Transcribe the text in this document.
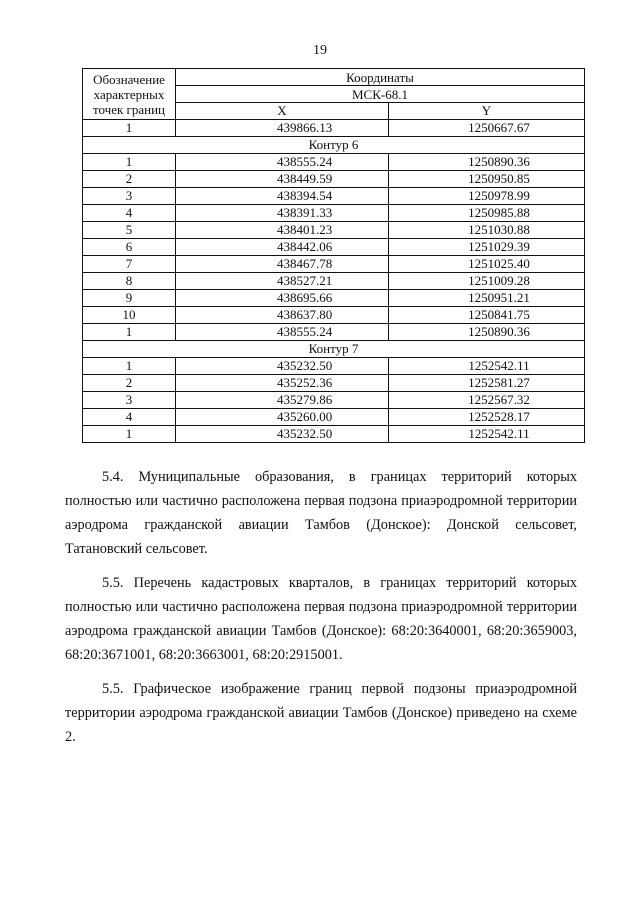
19
Обозначение характерных точек границ	Координаты	

	МСК-68.1	
	X	Y
1	439866.13	1250667.67
Контур 6		
1	438555.24	1250890.36
2	438449.59	1250950.85
3	438394.54	1250978.99
4	438391.33	1250985.88
5	438401.23	1251030.88
6	438442.06	1251029.39
7	438467.78	1251025.40
8	438527.21	1251009.28
9	438695.66	1250951.21
10	438637.80	1250841.75
1	438555.24	1250890.36
Контур 7		
1	435232.50	1252542.11
2	435252.36	1252581.27
3	435279.86	1252567.32
4	435260.00	1252528.17
1	435232.50	1252542.11

5.4. Муниципальные образования, в границах территорий которых полностью или частично расположена первая подзона приаэродромной территории аэродрома гражданской авиации Тамбов (Донское): Донской сельсовет, Татановский сельсовет.

5.5. Перечень кадастровых кварталов, в границах территорий которых полностью или частично расположена первая подзона приаэродромной территории аэродрома гражданской авиации Тамбов (Донское): 68:20:3640001, 68:20:3659003, 68:20:3671001, 68:20:3663001, 68:20:2915001.

5.5. Графическое изображение границ первой подзоны приаэродромной территории аэродрома гражданской авиации Тамбов (Донское) приведено на схеме 2.
